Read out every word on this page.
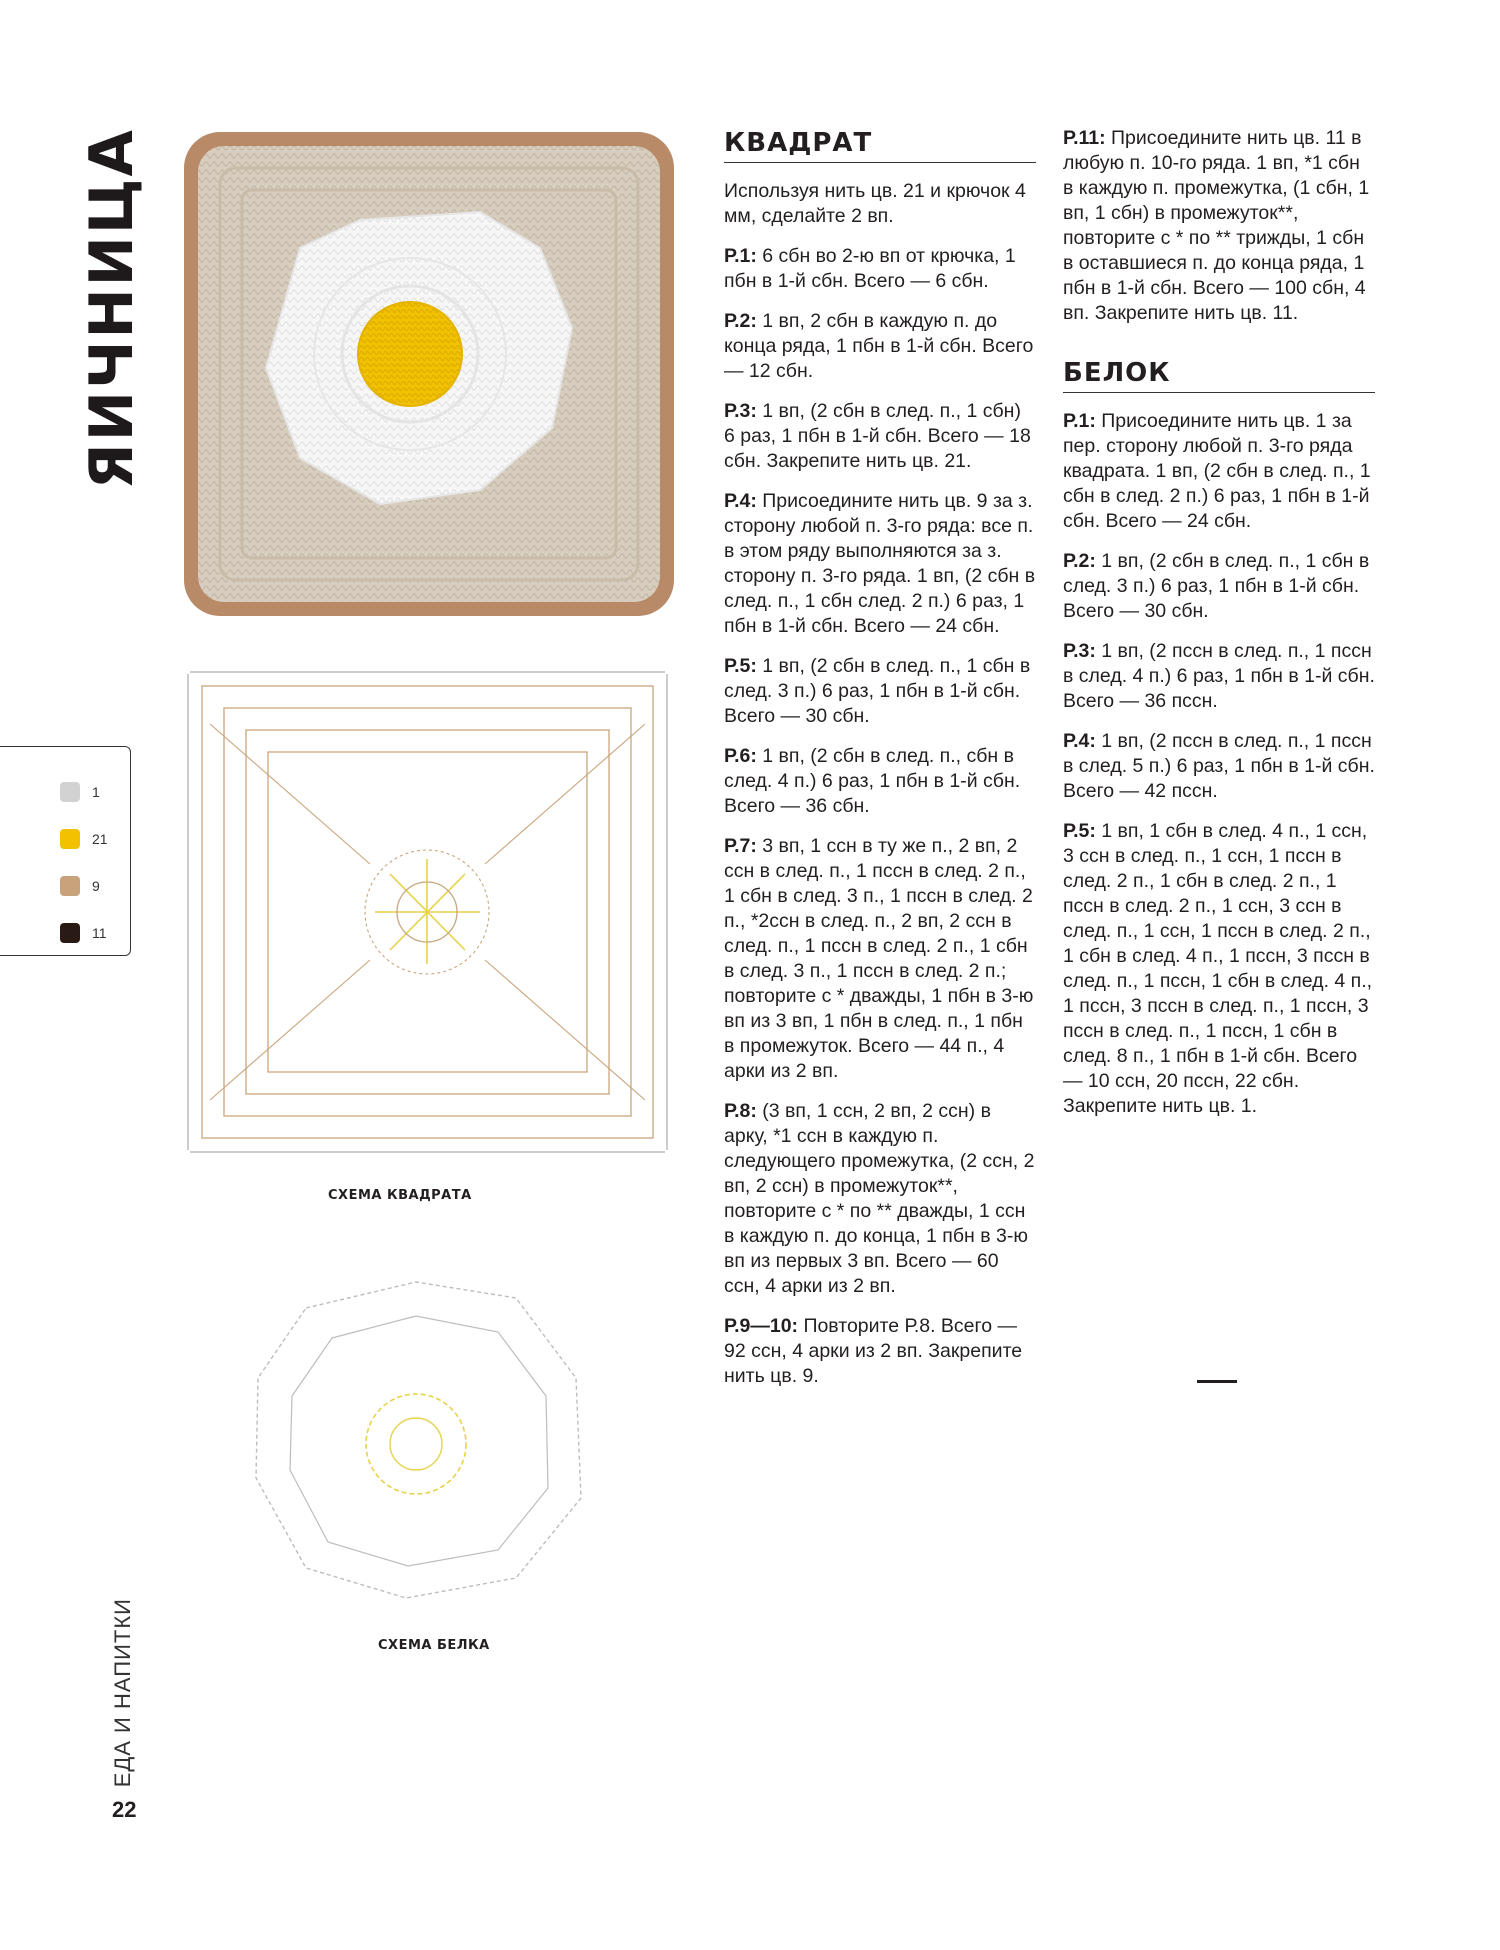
ЯИЧНИЦА
СХЕМА КВАДРАТА
СХЕМА БЕЛКА
1
21
9
11
КВАДРАТ

Используя нить цв. 21 и крючок 4 мм, сделайте 2 вп.

Р.1: 6 сбн во 2-ю вп от крючка, 1 пбн в 1-й сбн. Всего — 6 сбн.

Р.2: 1 вп, 2 сбн в каждую п. до конца ряда, 1 пбн в 1-й сбн. Всего — 12 сбн.

Р.3: 1 вп, (2 сбн в след. п., 1 сбн) 6 раз, 1 пбн в 1-й сбн. Всего — 18 сбн. Закрепите нить цв. 21.

Р.4: Присоедините нить цв. 9 за з. сторону любой п. 3-го ряда: все п. в этом ряду выполняются за з. сторону п. 3-го ряда. 1 вп, (2 сбн в след. п., 1 сбн след. 2 п.) 6 раз, 1 пбн в 1-й сбн. Всего — 24 сбн.

Р.5: 1 вп, (2 сбн в след. п., 1 сбн в след. 3 п.) 6 раз, 1 пбн в 1-й сбн. Всего — 30 сбн.

Р.6: 1 вп, (2 сбн в след. п., сбн в след. 4 п.) 6 раз, 1 пбн в 1-й сбн. Всего — 36 сбн.

Р.7: 3 вп, 1 ссн в ту же п., 2 вп, 2 ссн в след. п., 1 пссн в след. 2 п., 1 сбн в след. 3 п., 1 пссн в след. 2 п., *2ссн в след. п., 2 вп, 2 ссн в след. п., 1 пссн в след. 2 п., 1 сбн в след. 3 п., 1 пссн в след. 2 п.; повторите с * дважды, 1 пбн в 3-ю вп из 3 вп, 1 пбн в след. п., 1 пбн в промежуток. Всего — 44 п., 4 арки из 2 вп.

Р.8: (3 вп, 1 ссн, 2 вп, 2 ссн) в арку, *1 ссн в каждую п. следующего промежутка, (2 ссн, 2 вп, 2 ссн) в промежуток**, повторите с * по ** дважды, 1 ссн в каждую п. до конца, 1 пбн в 3-ю вп из первых 3 вп. Всего — 60 ссн, 4 арки из 2 вп.

Р.9—10: Повторите Р.8. Всего — 92 ссн, 4 арки из 2 вп. Закрепите нить цв. 9.

Р.11: Присоедините нить цв. 11 в любую п. 10-го ряда. 1 вп, *1 сбн в каждую п. промежутка, (1 сбн, 1 вп, 1 сбн) в промежуток**, повторите с * по ** трижды, 1 сбн в оставшиеся п. до конца ряда, 1 пбн в 1-й сбн. Всего — 100 сбн, 4 вп. Закрепите нить цв. 11.

БЕЛОК

Р.1: Присоедините нить цв. 1 за пер. сторону любой п. 3-го ряда квадрата. 1 вп, (2 сбн в след. п., 1 сбн в след. 2 п.) 6 раз, 1 пбн в 1-й сбн. Всего — 24 сбн.

Р.2: 1 вп, (2 сбн в след. п., 1 сбн в след. 3 п.) 6 раз, 1 пбн в 1-й сбн. Всего — 30 сбн.

Р.3: 1 вп, (2 пссн в след. п., 1 пссн в след. 4 п.) 6 раз, 1 пбн в 1-й сбн. Всего — 36 пссн.

Р.4: 1 вп, (2 пссн в след. п., 1 пссн в след. 5 п.) 6 раз, 1 пбн в 1-й сбн. Всего — 42 пссн.

Р.5: 1 вп, 1 сбн в след. 4 п., 1 ссн, 3 ссн в след. п., 1 ссн, 1 пссн в след. 2 п., 1 сбн в след. 2 п., 1 пссн в след. 2 п., 1 ссн, 3 ссн в след. п., 1 ссн, 1 пссн в след. 2 п., 1 сбн в след. 4 п., 1 пссн, 3 пссн в след. п., 1 пссн, 1 сбн в след. 4 п., 1 пссн, 3 пссн в след. п., 1 пссн, 3 пссн в след. п., 1 пссн, 1 сбн в след. 8 п., 1 пбн в 1-й сбн. Всего — 10 ссн, 20 пссн, 22 сбн. Закрепите нить цв. 1.

ЕДА И НАПИТКИ
22
